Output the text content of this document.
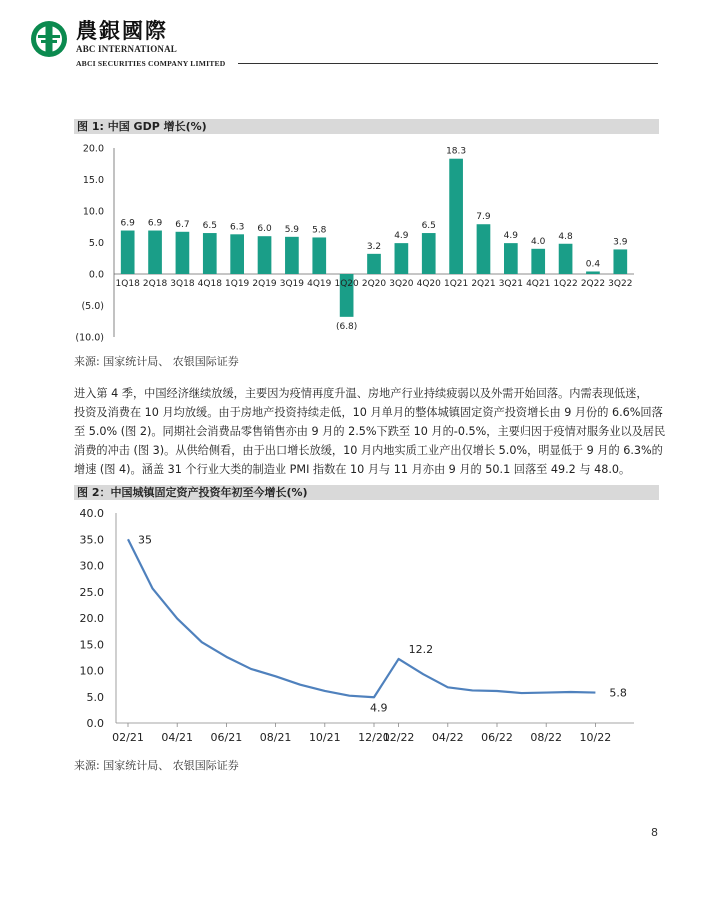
農銀國際
ABC INTERNATIONAL
ABCI SECURITIES COMPANY LIMITED
图 1: 中国 GDP 增长(%)
20.0
15.0
10.0
5.0
0.0
(5.0)
(10.0)
6.9
1Q18
6.9
2Q18
6.7
3Q18
6.5
4Q18
6.3
1Q19
6.0
2Q19
5.9
3Q19
5.8
4Q19
(6.8)
1Q20
3.2
2Q20
4.9
3Q20
6.5
4Q20
18.3
1Q21
7.9
2Q21
4.9
3Q21
4.0
4Q21
4.8
1Q22
0.4
2Q22
3.9
3Q22
来源: 国家统计局、 农银国际证券

进入第 4 季，中国经济继续放缓，主要因为疫情再度升温、房地产行业持续疲弱以及外需开始回落。内需表现低迷，

投资及消费在 10 月均放缓。由于房地产投资持续走低，10 月单月的整体城镇固定资产投资增长由 9 月份的 6.6%回落

至 5.0% (图 2)。同期社会消费品零售销售亦由 9 月的 2.5%下跌至 10 月的-0.5%，主要归因于疫情对服务业以及居民

消费的冲击 (图 3)。从供给侧看，由于出口增长放缓，10 月内地实质工业产出仅增长 5.0%，明显低于 9 月的 6.3%的

增速 (图 4)。涵盖 31 个行业大类的制造业 PMI 指数在 10 月与 11 月亦由 9 月的 50.1 回落至 49.2 与 48.0。

图 2：中国城镇固定资产投资年初至今增长(%)
40.0
35.0
30.0
25.0
20.0
15.0
10.0
5.0
0.0
02/21 04/21 06/21 08/21 10/21 12/21
02/22 04/22 06/22 08/22 10/22
35
4.9
12.2
5.8
来源: 国家统计局、 农银国际证券
8
